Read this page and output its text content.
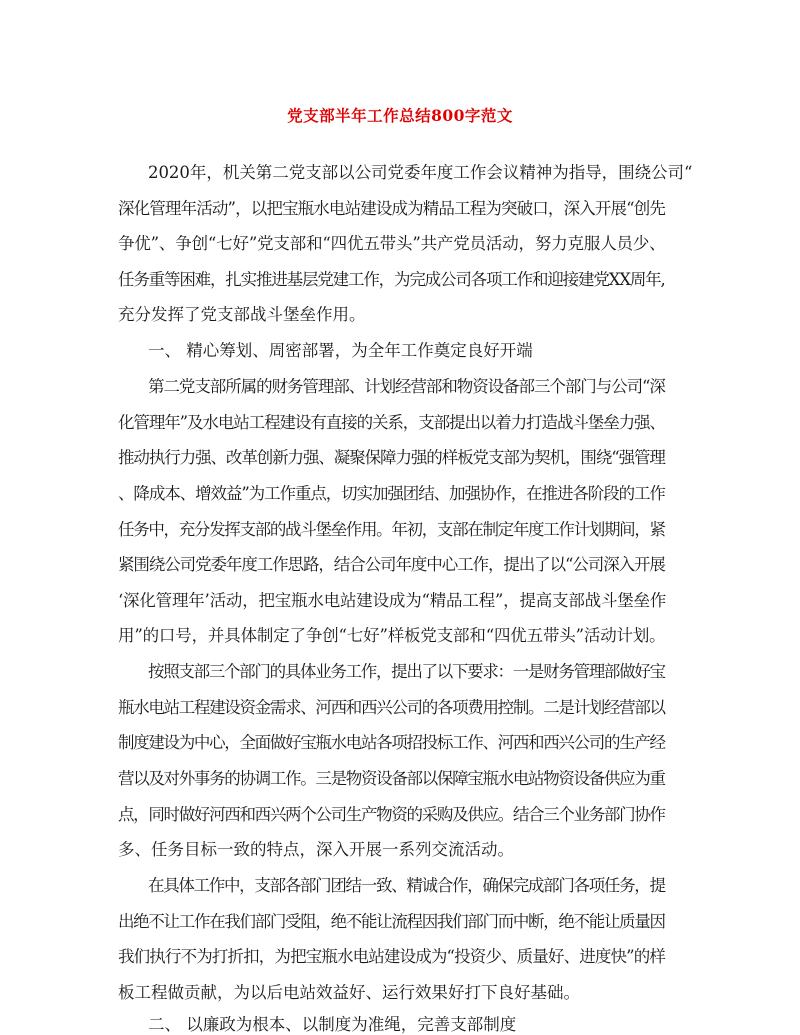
党支部半年工作总结800字范文
2020年，机关第二党支部以公司党委年度工作会议精神为指导，围绕公司“
深化管理年活动”，以把宝瓶水电站建设成为精品工程为突破口，深入开展“创先
争优”、争创“七好”党支部和“四优五带头”共产党员活动，努力克服人员少、
任务重等困难，扎实推进基层党建工作，为完成公司各项工作和迎接建党XX周年,
充分发挥了党支部战斗堡垒作用。
一、 精心筹划、周密部署，为全年工作奠定良好开端
第二党支部所属的财务管理部、计划经营部和物资设备部三个部门与公司“深
化管理年”及水电站工程建设有直接的关系，支部提出以着力打造战斗堡垒力强、
推动执行力强、改革创新力强、凝聚保障力强的样板党支部为契机，围绕“强管理
、降成本、增效益”为工作重点，切实加强团结、加强协作，在推进各阶段的工作
任务中，充分发挥支部的战斗堡垒作用。年初，支部在制定年度工作计划期间，紧
紧围绕公司党委年度工作思路，结合公司年度中心工作，提出了以“公司深入开展
‘深化管理年’活动，把宝瓶水电站建设成为“精品工程”，提高支部战斗堡垒作
用”的口号，并具体制定了争创“七好”样板党支部和“四优五带头”活动计划。
按照支部三个部门的具体业务工作，提出了以下要求：一是财务管理部做好宝
瓶水电站工程建设资金需求、河西和西兴公司的各项费用控制。二是计划经营部以
制度建设为中心，全面做好宝瓶水电站各项招投标工作、河西和西兴公司的生产经
营以及对外事务的协调工作。三是物资设备部以保障宝瓶水电站物资设备供应为重
点，同时做好河西和西兴两个公司生产物资的采购及供应。结合三个业务部门协作
多、任务目标一致的特点，深入开展一系列交流活动。
在具体工作中，支部各部门团结一致、精诚合作，确保完成部门各项任务，提
出绝不让工作在我们部门受阻，绝不能让流程因我们部门而中断，绝不能让质量因
我们执行不为打折扣，为把宝瓶水电站建设成为“投资少、质量好、进度快”的样
板工程做贡献，为以后电站效益好、运行效果好打下良好基础。
二、 以廉政为根本、以制度为准绳，完善支部制度
